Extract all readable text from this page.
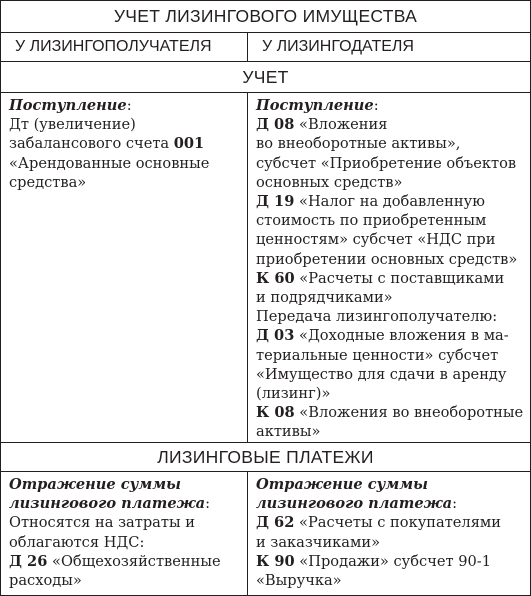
УЧЕТ ЛИЗИНГОВОГО ИМУЩЕСТВА
У ЛИЗИНГОПОЛУЧАТЕЛЯ	У ЛИЗИНГОДАТЕЛЯ
УЧЕТ

Поступление:

Дт (увеличение)

забалансового счета 001

«Арендованные основные

средства»

Поступление:

Д 08 «Вложения

во внеоборотные активы»,

субсчет «Приобретение объектов

основных средств»

Д 19 «Налог на добавленную

стоимость по приобретенным

ценностям» субсчет «НДС при

приобретении основных средств»

К 60 «Расчеты с поставщиками

и подрядчиками»

Передача лизингополучателю:

Д 03 «Доходные вложения в ма-

териальные ценности» субсчет

«Имущество для сдачи в аренду

(лизинг)»

К 08 «Вложения во внеоборотные

активы»

ЛИЗИНГОВЫЕ ПЛАТЕЖИ

Отражение суммы

лизингового платежа:

Относятся на затраты и

облагаются НДС:

Д 26 «Общехозяйственные

расходы»

Отражение суммы

лизингового платежа:

Д 62 «Расчеты с покупателями

и заказчиками»

К 90 «Продажи» субсчет 90-1

«Выручка»
